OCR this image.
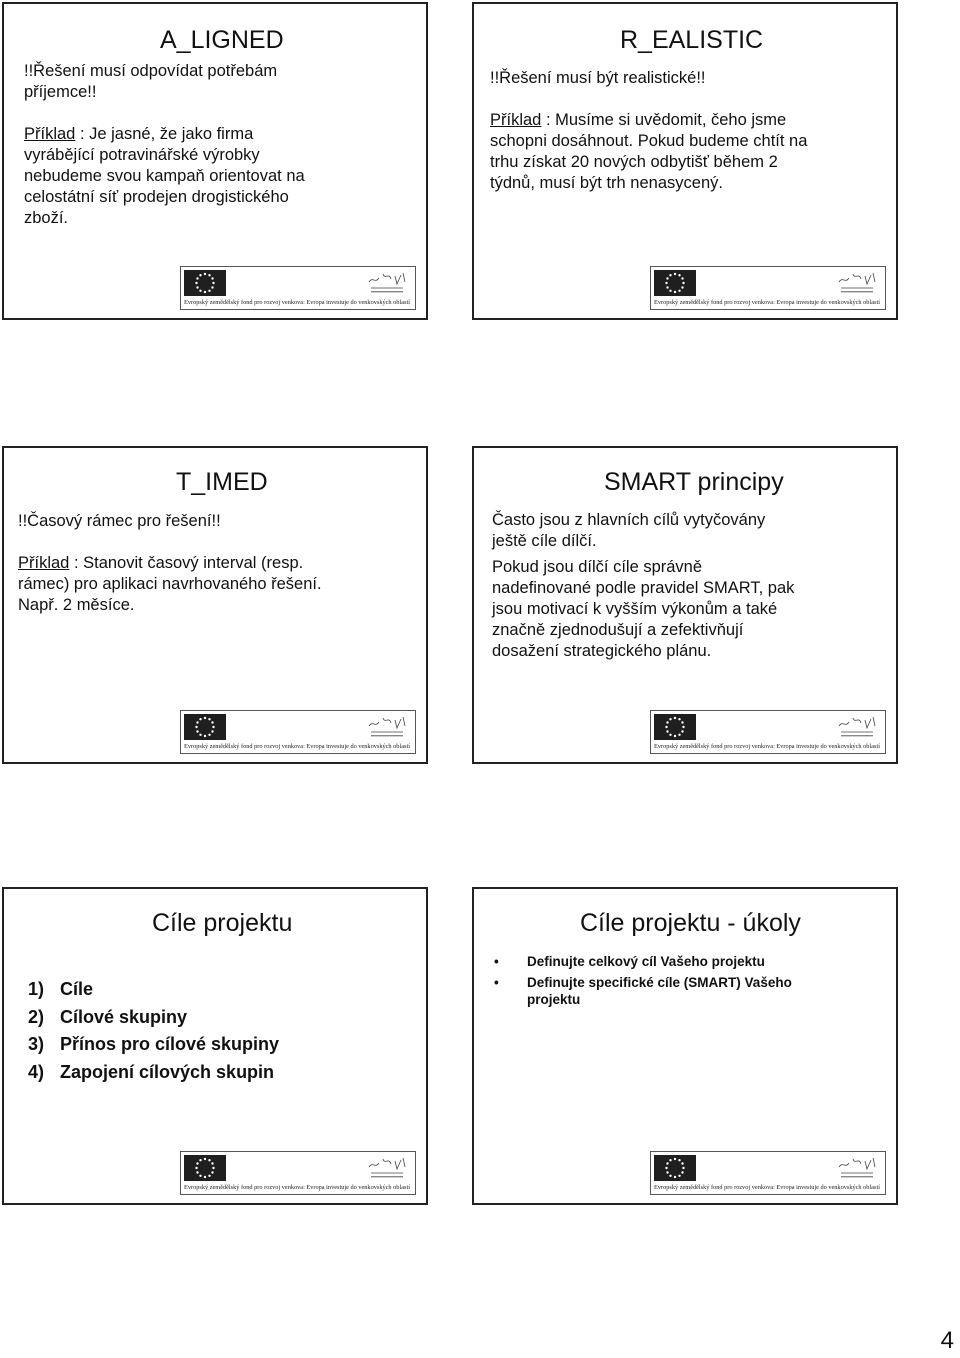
A_LIGNED

!!Řešení musí odpovídat potřebám příjemce!!

Příklad : Je jasné, že jako firma vyrábějící potravinářské výrobky nebudeme svou kampaň orientovat na celostátní síť prodejen drogistického zboží.

Evropský zemědělský fond pro rozvoj venkova: Evropa investuje do venkovských oblastí
R_EALISTIC

!!Řešení musí být realistické!!

Příklad : Musíme si uvědomit, čeho jsme schopni dosáhnout. Pokud budeme chtít na trhu získat 20 nových odbytišť během 2 týdnů, musí být trh nenasycený.

Evropský zemědělský fond pro rozvoj venkova: Evropa investuje do venkovských oblastí
T_IMED

!!Časový rámec pro řešení!!

Příklad : Stanovit časový interval (resp. rámec) pro aplikaci navrhovaného řešení. Např. 2 měsíce.

Evropský zemědělský fond pro rozvoj venkova: Evropa investuje do venkovských oblastí
SMART principy

Často jsou z hlavních cílů vytyčovány ještě cíle dílčí.

Pokud jsou dílčí cíle správně nadefinované podle pravidel SMART, pak jsou motivací k vyšším výkonům a také značně zjednodušují a zefektivňují dosažení strategického plánu.

Evropský zemědělský fond pro rozvoj venkova: Evropa investuje do venkovských oblastí
Cíle projektu
1) Cíle
2) Cílové skupiny
3) Přínos pro cílové skupiny
4) Zapojení cílových skupin
Evropský zemědělský fond pro rozvoj venkova: Evropa investuje do venkovských oblastí
Cíle projektu - úkoly
• Definujte celkový cíl Vašeho projektu
• Definujte specifické cíle (SMART) Vašeho projektu
Evropský zemědělský fond pro rozvoj venkova: Evropa investuje do venkovských oblastí
4
